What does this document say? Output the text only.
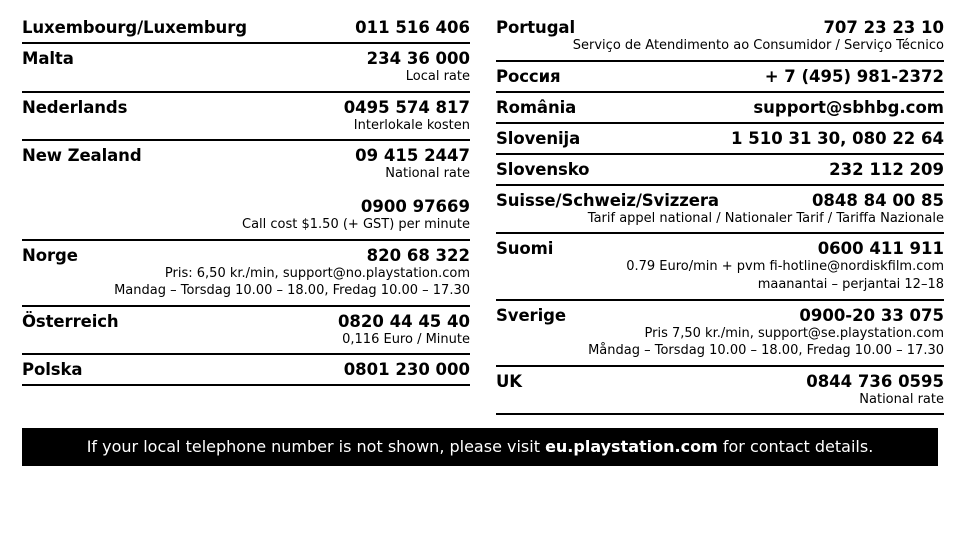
Luxembourg/Luxemburg	011 516 406
Malta	234 36 000
Local rate
Nederlands	0495 574 817
Interlokale kosten
New Zealand	09 415 2447
National rate
0900 97669
Call cost $1.50 (+ GST) per minute
Norge	820 68 322
Pris: 6,50 kr./min, support@no.playstation.com
Mandag – Torsdag 10.00 – 18.00, Fredag 10.00 – 17.30
Österreich	0820 44 45 40
0,116 Euro / Minute
Polska	0801 230 000
Portugal	707 23 23 10
Serviço de Atendimento ao Consumidor / Serviço Técnico
Россия	+ 7 (495) 981-2372
România	support@sbhbg.com
Slovenija	1 510 31 30, 080 22 64
Slovensko	232 112 209
Suisse/Schweiz/Svizzera	0848 84 00 85
Tarif appel national / Nationaler Tarif / Tariffa Nazionale
Suomi	0600 411 911
0.79 Euro/min + pvm fi-hotline@nordiskfilm.com
maanantai – perjantai 12–18
Sverige	0900-20 33 075
Pris 7,50 kr./min, support@se.playstation.com
Måndag – Torsdag 10.00 – 18.00, Fredag 10.00 – 17.30
UK	0844 736 0595
National rate
If your local telephone number is not shown, please visit eu.playstation.com for contact details.
